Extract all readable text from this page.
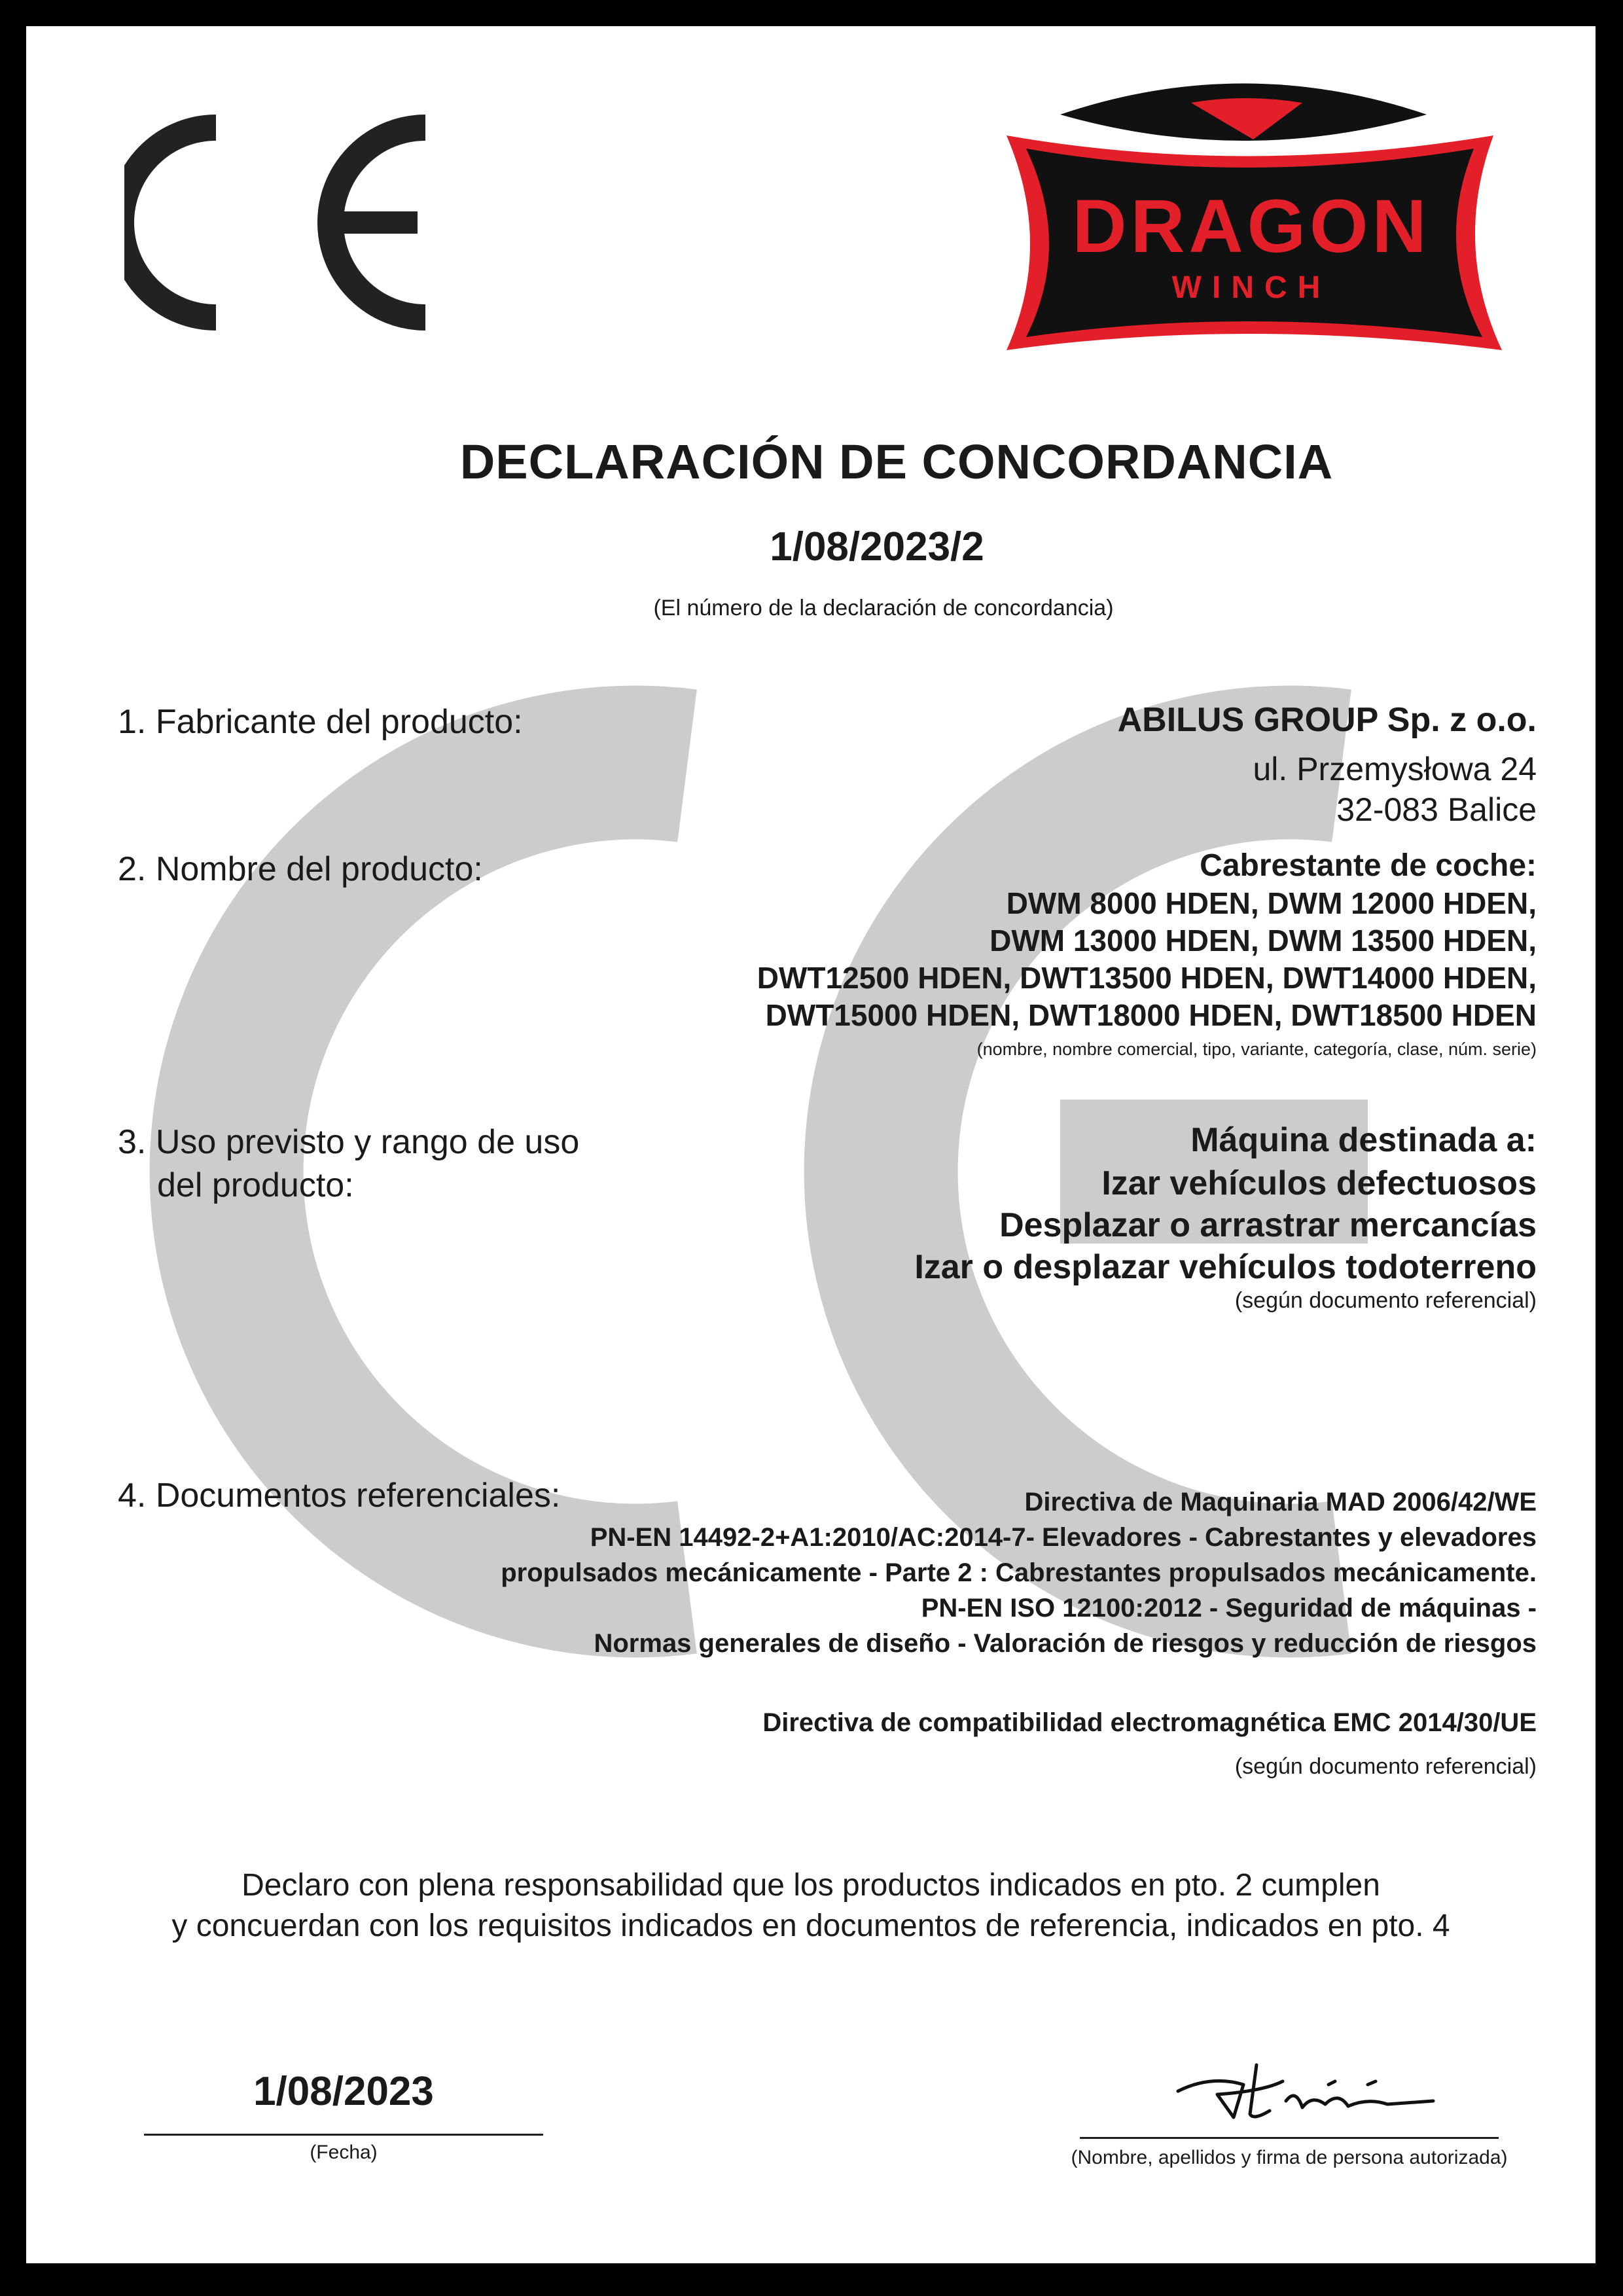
DRAGON
WINCH
DECLARACIÓN DE CONCORDANCIA
1/08/2023/2
(El número de la declaración de concordancia)
1. Fabricante del producto:	ABILUS GROUP Sp. z o.o.
ul. Przemysłowa 24
32-083 Balice
2. Nombre del producto:	Cabrestante de coche:
DWM 8000 HDEN, DWM 12000 HDEN,
DWM 13000 HDEN, DWM 13500 HDEN,
DWT12500 HDEN, DWT13500 HDEN, DWT14000 HDEN,
DWT15000 HDEN, DWT18000 HDEN, DWT18500 HDEN
(nombre, nombre comercial, tipo, variante, categoría, clase, núm. serie)
3. Uso previsto y rango de uso
del producto:
Máquina destinada a:
Izar vehículos defectuosos
Desplazar o arrastrar mercancías
Izar o desplazar vehículos todoterreno
(según documento referencial)
4. Documentos referenciales:	Directiva de Maquinaria MAD 2006/42/WE
PN-EN 14492-2+A1:2010/AC:2014-7- Elevadores - Cabrestantes y elevadores
propulsados mecánicamente - Parte 2 : Cabrestantes propulsados mecánicamente.
PN-EN ISO 12100:2012 - Seguridad de máquinas -
Normas generales de diseño - Valoración de riesgos y reducción de riesgos
Directiva de compatibilidad electromagnética EMC 2014/30/UE
(según documento referencial)
Declaro con plena responsabilidad que los productos indicados en pto. 2 cumplen
y concuerdan con los requisitos indicados en documentos de referencia, indicados en pto. 4
1/08/2023
(Fecha)	(Nombre, apellidos y firma de persona autorizada)
